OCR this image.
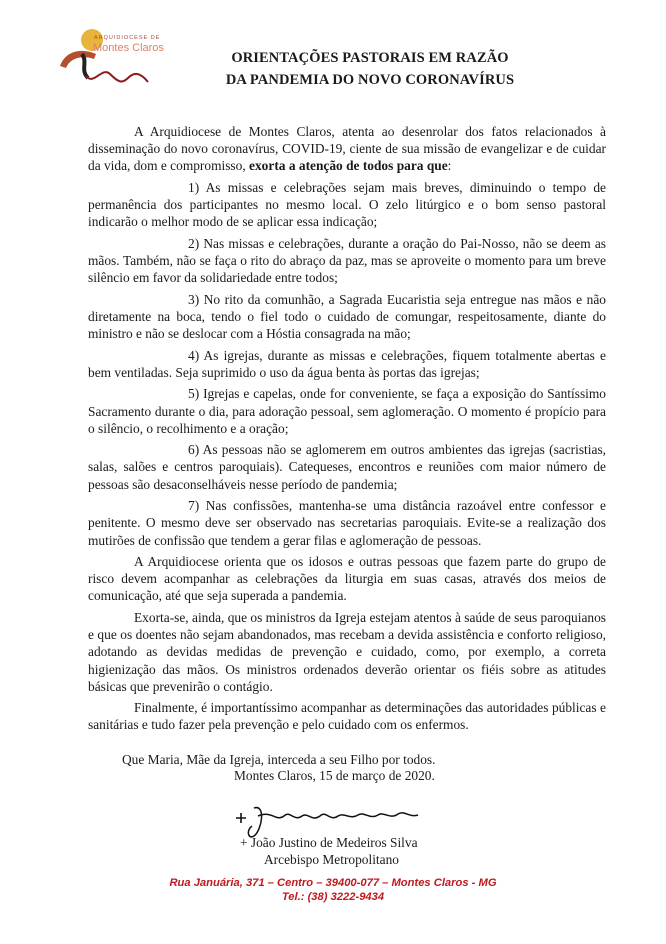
ARQUIDIOCESE DE
Montes Claros
ORIENTAÇÕES PASTORAIS EM RAZÃO
DA PANDEMIA DO NOVO CORONAVÍRUS

A Arquidiocese de Montes Claros, atenta ao desenrolar dos fatos relacionados à disseminação do novo coronavírus, COVID-19, ciente de sua missão de evangelizar e de cuidar da vida, dom e compromisso, exorta a atenção de todos para que:

1) As missas e celebrações sejam mais breves, diminuindo o tempo de permanência dos participantes no mesmo local. O zelo litúrgico e o bom senso pastoral indicarão o melhor modo de se aplicar essa indicação;

2) Nas missas e celebrações, durante a oração do Pai-Nosso, não se deem as mãos. Também, não se faça o rito do abraço da paz, mas se aproveite o momento para um breve silêncio em favor da solidariedade entre todos;

3) No rito da comunhão, a Sagrada Eucaristia seja entregue nas mãos e não diretamente na boca, tendo o fiel todo o cuidado de comungar, respeitosamente, diante do ministro e não se deslocar com a Hóstia consagrada na mão;

4) As igrejas, durante as missas e celebrações, fiquem totalmente abertas e bem ventiladas. Seja suprimido o uso da água benta às portas das igrejas;

5) Igrejas e capelas, onde for conveniente, se faça a exposição do Santíssimo Sacramento durante o dia, para adoração pessoal, sem aglomeração. O momento é propício para o silêncio, o recolhimento e a oração;

6) As pessoas não se aglomerem em outros ambientes das igrejas (sacristias, salas, salões e centros paroquiais). Catequeses, encontros e reuniões com maior número de pessoas são desaconselháveis nesse período de pandemia;

7) Nas confissões, mantenha-se uma distância razoável entre confessor e penitente. O mesmo deve ser observado nas secretarias paroquiais. Evite-se a realização dos mutirões de confissão que tendem a gerar filas e aglomeração de pessoas.

A Arquidiocese orienta que os idosos e outras pessoas que fazem parte do grupo de risco devem acompanhar as celebrações da liturgia em suas casas, através dos meios de comunicação, até que seja superada a pandemia.

Exorta-se, ainda, que os ministros da Igreja estejam atentos à saúde de seus paroquianos e que os doentes não sejam abandonados, mas recebam a devida assistência e conforto religioso, adotando as devidas medidas de prevenção e cuidado, como, por exemplo, a correta higienização das mãos. Os ministros ordenados deverão orientar os fiéis sobre as atitudes básicas que prevenirão o contágio.

Finalmente, é importantíssimo acompanhar as determinações das autoridades públicas e sanitárias e tudo fazer pela prevenção e pelo cuidado com os enfermos.

Que Maria, Mãe da Igreja, interceda a seu Filho por todos.

Montes Claros, 15 de março de 2020.
+ João Justino de Medeiros Silva
Arcebispo Metropolitano
Rua Januária, 371 – Centro – 39400-077 – Montes Claros - MG
Tel.: (38) 3222-9434
